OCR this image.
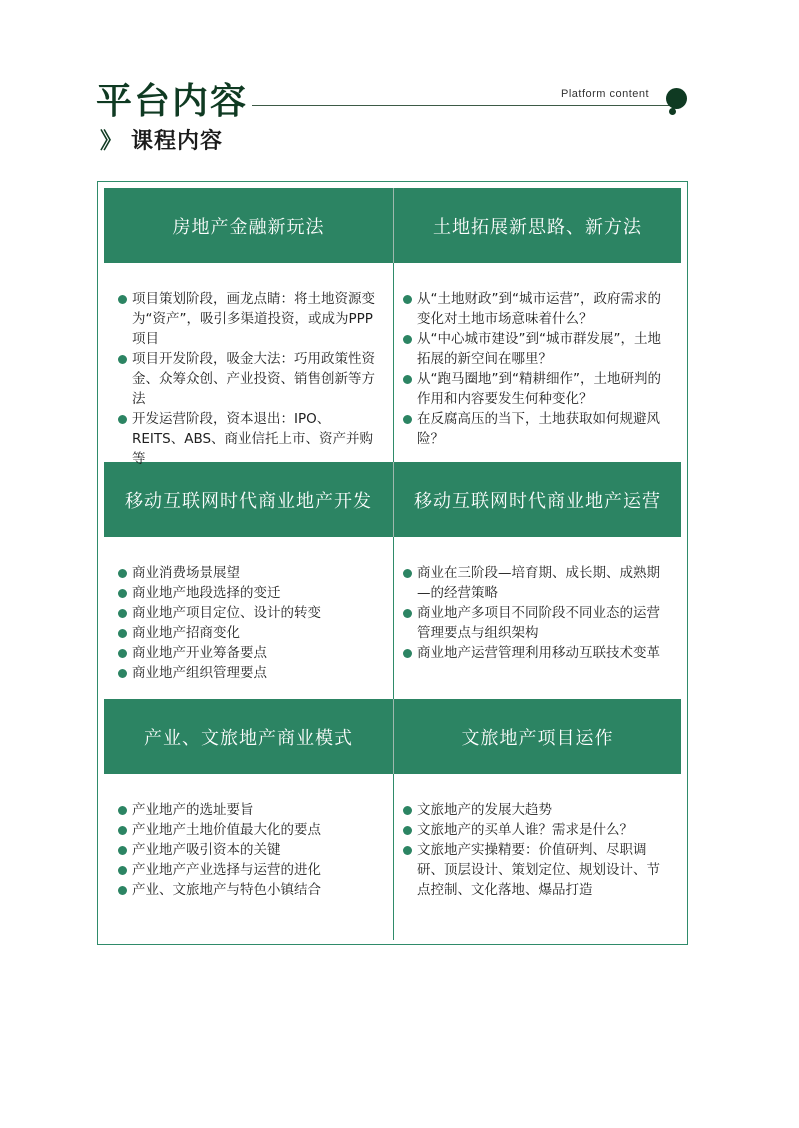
平台内容	Platform content
》 课程内容
房地产金融新玩法	土地拓展新思路、新方法
项目策划阶段，画龙点睛：将土地资源变为“资产”，吸引多渠道投资，或成为PPP项目
项目开发阶段，吸金大法：巧用政策性资金、众筹众创、产业投资、销售创新等方法
开发运营阶段，资本退出：IPO、REITS、ABS、商业信托上市、资产并购等
从“土地财政”到“城市运营”，政府需求的变化对土地市场意味着什么？
从“中心城市建设”到“城市群发展”，土地拓展的新空间在哪里？
从“跑马圈地”到“精耕细作”，土地研判的作用和内容要发生何种变化？
在反腐高压的当下，土地获取如何规避风险？
移动互联网时代商业地产开发	移动互联网时代商业地产运营
商业消费场景展望
商业地产地段选择的变迁
商业地产项目定位、设计的转变
商业地产招商变化
商业地产开业筹备要点
商业地产组织管理要点
商业在三阶段—培育期、成长期、成熟期—的经营策略
商业地产多项目不同阶段不同业态的运营管理要点与组织架构
商业地产运营管理利用移动互联技术变革
产业、文旅地产商业模式	文旅地产项目运作
产业地产的选址要旨
产业地产土地价值最大化的要点
产业地产吸引资本的关键
产业地产产业选择与运营的进化
产业、文旅地产与特色小镇结合
文旅地产的发展大趋势
文旅地产的买单人谁？需求是什么？
文旅地产实操精要：价值研判、尽职调研、顶层设计、策划定位、规划设计、节点控制、文化落地、爆品打造
